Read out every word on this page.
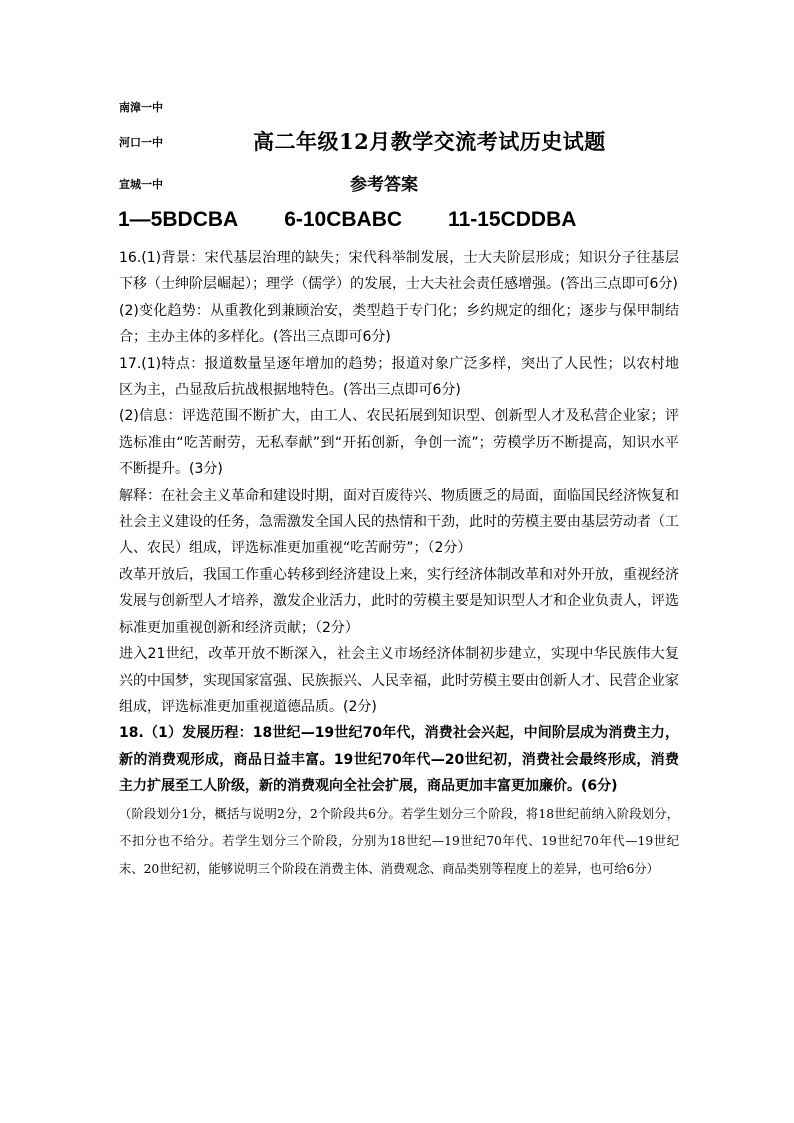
南漳一中
河口一中
宣城一中
高二年级12月教学交流考试历史试题
参考答案
1—5BDCBA 6-10CBABC 11-15CDDBA

16.(1)背景：宋代基层治理的缺失；宋代科举制发展，士大夫阶层形成；知识分子往基层下移（士绅阶层崛起）；理学（儒学）的发展，士大夫社会责任感增强。(答出三点即可6分)

(2)变化趋势：从重教化到兼顾治安，类型趋于专门化；乡约规定的细化；逐步与保甲制结合；主办主体的多样化。(答出三点即可6分)

17.(1)特点：报道数量呈逐年增加的趋势；报道对象广泛多样，突出了人民性；以农村地区为主，凸显敌后抗战根据地特色。(答出三点即可6分)

(2)信息：评选范围不断扩大，由工人、农民拓展到知识型、创新型人才及私营企业家；评选标准由“吃苦耐劳，无私奉献”到“开拓创新，争创一流”；劳模学历不断提高，知识水平不断提升。(3分)

解释：在社会主义革命和建设时期，面对百废待兴、物质匮乏的局面，面临国民经济恢复和社会主义建设的任务，急需激发全国人民的热情和干劲，此时的劳模主要由基层劳动者（工人、农民）组成，评选标准更加重视“吃苦耐劳”；（2分）

改革开放后，我国工作重心转移到经济建设上来，实行经济体制改革和对外开放，重视经济发展与创新型人才培养，激发企业活力，此时的劳模主要是知识型人才和企业负责人，评选标准更加重视创新和经济贡献；（2分）

进入21世纪，改革开放不断深入，社会主义市场经济体制初步建立，实现中华民族伟大复兴的中国梦，实现国家富强、民族振兴、人民幸福，此时劳模主要由创新人才、民营企业家组成，评选标准更加重视道德品质。(2分)

18.（1）发展历程：18世纪—19世纪70年代，消费社会兴起，中间阶层成为消费主力，新的消费观形成，商品日益丰富。19世纪70年代—20世纪初，消费社会最终形成，消费主力扩展至工人阶级，新的消费观向全社会扩展，商品更加丰富更加廉价。(6分)

（阶段划分1分，概括与说明2分，2个阶段共6分。若学生划分三个阶段，将18世纪前纳入阶段划分，不扣分也不给分。若学生划分三个阶段，分别为18世纪—19世纪70年代、19世纪70年代—19世纪末、20世纪初，能够说明三个阶段在消费主体、消费观念、商品类别等程度上的差异，也可给6分）
